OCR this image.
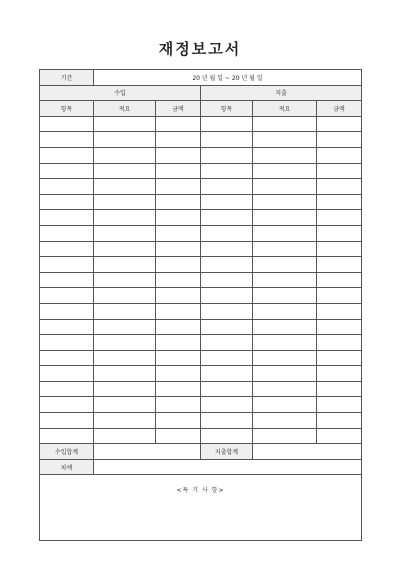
재정보고서
기간	20 년 월 일 ~ 20 년 월 일				
수입			지출		
항목	적요	금액	항목	적요	금액

수입합계			지출합계		
차액					
<특 기 사 항>					
